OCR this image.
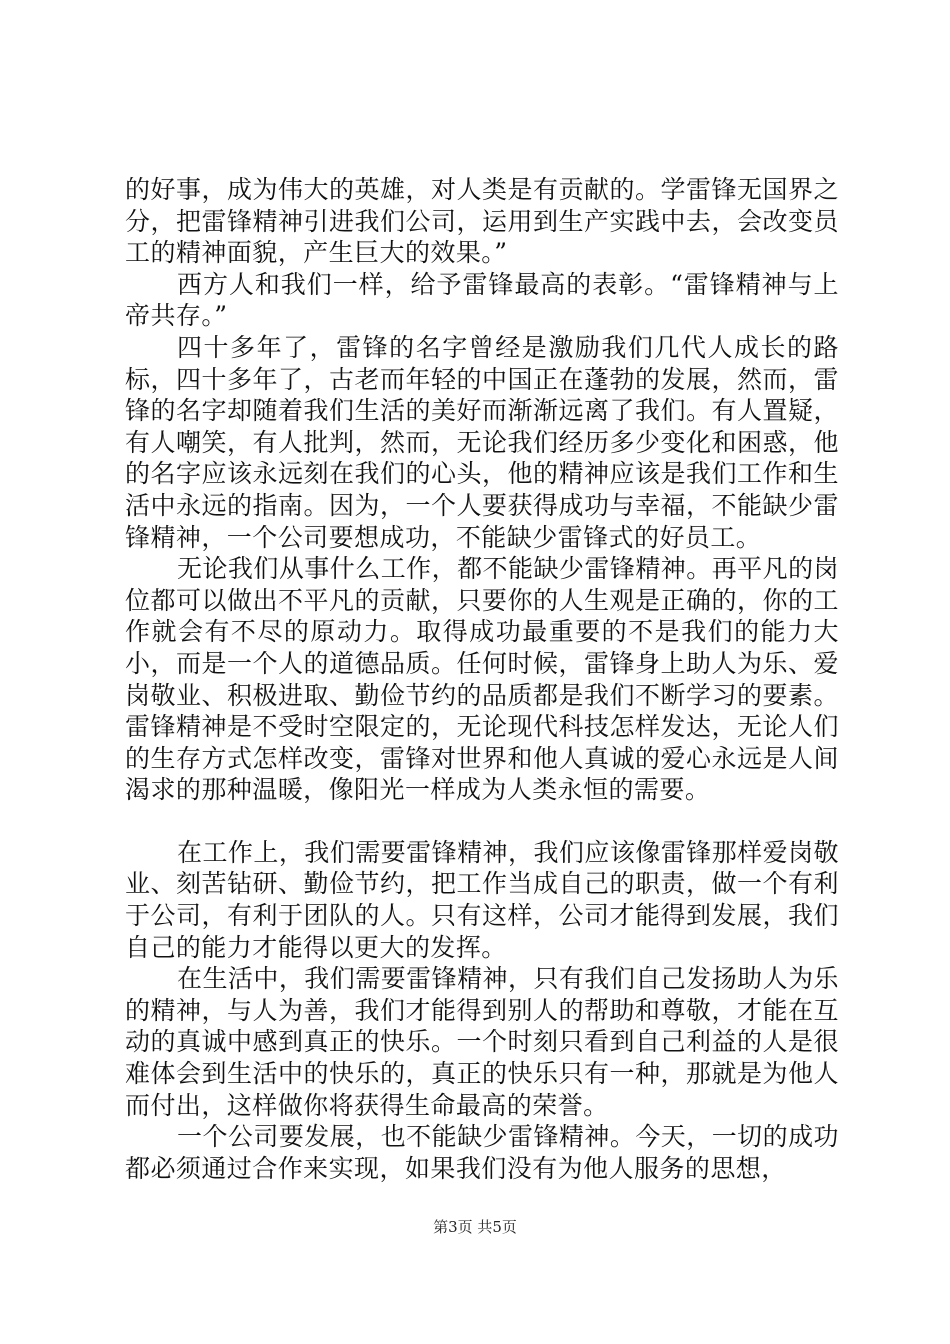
的好事，成为伟大的英雄，对人类是有贡献的。学雷锋无国界之分，把雷锋精神引进我们公司，运用到生产实践中去，会改变员工的精神面貌，产生巨大的效果。”

西方人和我们一样，给予雷锋最高的表彰。“雷锋精神与上帝共存。”

四十多年了，雷锋的名字曾经是激励我们几代人成长的路标，四十多年了，古老而年轻的中国正在蓬勃的发展，然而，雷锋的名字却随着我们生活的美好而渐渐远离了我们。有人置疑，有人嘲笑，有人批判，然而，无论我们经历多少变化和困惑，他的名字应该永远刻在我们的心头，他的精神应该是我们工作和生活中永远的指南。因为，一个人要获得成功与幸福，不能缺少雷锋精神，一个公司要想成功，不能缺少雷锋式的好员工。

无论我们从事什么工作，都不能缺少雷锋精神。再平凡的岗位都可以做出不平凡的贡献，只要你的人生观是正确的，你的工作就会有不尽的原动力。取得成功最重要的不是我们的能力大小，而是一个人的道德品质。任何时候，雷锋身上助人为乐、爱岗敬业、积极进取、勤俭节约的品质都是我们不断学习的要素。雷锋精神是不受时空限定的，无论现代科技怎样发达，无论人们的生存方式怎样改变，雷锋对世界和他人真诚的爱心永远是人间渴求的那种温暖，像阳光一样成为人类永恒的需要。

在工作上，我们需要雷锋精神，我们应该像雷锋那样爱岗敬业、刻苦钻研、勤俭节约，把工作当成自己的职责，做一个有利于公司，有利于团队的人。只有这样，公司才能得到发展，我们自己的能力才能得以更大的发挥。

在生活中，我们需要雷锋精神，只有我们自己发扬助人为乐的精神，与人为善，我们才能得到别人的帮助和尊敬，才能在互动的真诚中感到真正的快乐。一个时刻只看到自己利益的人是很难体会到生活中的快乐的，真正的快乐只有一种，那就是为他人而付出，这样做你将获得生命最高的荣誉。

一个公司要发展，也不能缺少雷锋精神。今天，一切的成功都必须通过合作来实现，如果我们没有为他人服务的思想，

第3页 共5页
